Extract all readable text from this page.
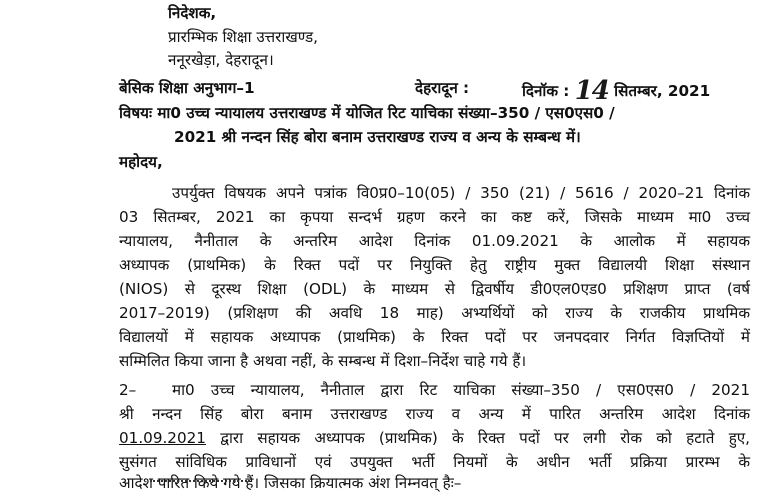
निदेशक,
प्रारम्भिक शिक्षा उत्तराखण्ड,
ननूरखेड़ा, देहरादून।
बेसिक शिक्षा अनुभाग–1	देहरादून :	दिनॉक : 14 सितम्बर, 2021
विषयः मा0 उच्च न्यायालय उत्तराखण्ड में योजित रिट याचिका संख्या–350 / एस0एस0 /
2021 श्री नन्दन सिंह बोरा बनाम उत्तराखण्ड राज्य व अन्य के सम्बन्ध में।
महोदय,
उपर्युक्त विषयक अपने पत्रांक वि0प्र0–10(05) / 350 (21) / 5616 / 2020–21 दिनांक
03 सितम्बर, 2021 का कृपया सन्दर्भ ग्रहण करने का कष्ट करें, जिसके माध्यम मा0 उच्च
न्यायालय, नैनीताल के अन्तरिम आदेश दिनांक 01.09.2021 के आलोक में सहायक
अध्यापक (प्राथमिक) के रिक्त पदों पर नियुक्ति हेतु राष्ट्रीय मुक्त विद्यालयी शिक्षा संस्थान
(NIOS) से दूरस्थ शिक्षा (ODL) के माध्यम से द्विवर्षीय डी0एल0एड0 प्रशिक्षण प्राप्त (वर्ष
2017–2019) (प्रशिक्षण की अवधि 18 माह) अभ्यर्थियों को राज्य के राजकीय प्राथमिक
विद्यालयों में सहायक अध्यापक (प्राथमिक) के रिक्त पदों पर जनपदवार निर्गत विज्ञप्तियों में
सम्मिलित किया जाना है अथवा नहीं, के सम्बन्ध में दिशा–निर्देश चाहे गये हैं।
2– मा0 उच्च न्यायालय, नैनीताल द्वारा रिट याचिका संख्या–350 / एस0एस0 / 2021
श्री नन्दन सिंह बोरा बनाम उत्तराखण्ड राज्य व अन्य में पारित अन्तरिम आदेश दिनांक
01.09.2021 द्वारा सहायक अध्यापक (प्राथमिक) के रिक्त पदों पर लगी रोक को हटाते हुए,
सुसंगत सांविधिक प्राविधानों एवं उपयुक्त भर्ती नियमों के अधीन भर्ती प्रक्रिया प्रारम्भ के
आदेश पारित किये गये हैं। जिसका क्रियात्मक अंश निम्नवत् हैः–
